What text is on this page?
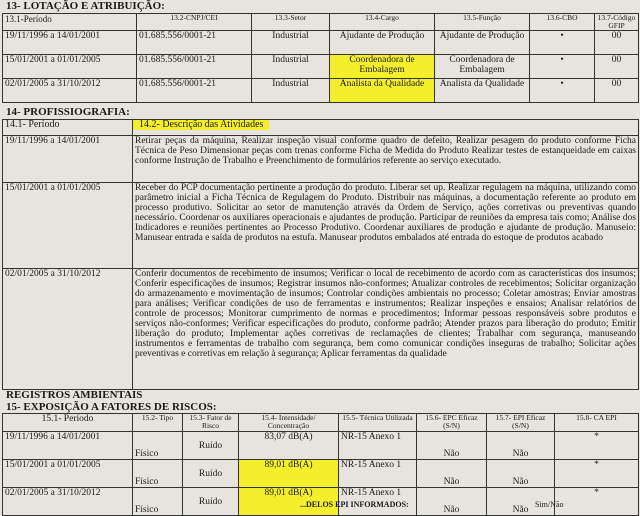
13- LOTAÇÃO E ATRIBUIÇÃO:
13.1-Período	13.2-CNPJ/CEI	13.3-Setor	13.4-Cargo	13.5-Função	13.6-CBO	13.7-Código GFIP
19/11/1996 a 14/01/2001	01.685.556/0001-21	Industrial	Ajudante de Produção	Ajudante de Produção	•	00
15/01/2001 a 01/01/2005	01.685.556/0001-21	Industrial	Coordenadora de Embalagem	Coordenadora de Embalagem	•	00
02/01/2005 a 31/10/2012	01.685.556/0001-21	Industrial	Analista da Qualidade	Analista da Qualidade	•	00
14- PROFISSIOGRAFIA:
14.1- Período	14.2- Descrição das Atividades
19/11/1996 a 14/01/2001	Retirar peças da máquina, Realizar inspeção visual conforme quadro de defeito, Realizar pesagem do produto conforme Ficha Técnica de Peso Dimensionar peças com trenas conforme Ficha de Medida do Produto Realizar testes de estanqueidade em caixas conforme Instrução de Trabalho e Preenchimento de formulários referente ao serviço executado.
15/01/2001 a 01/01/2005	Receber do PCP documentação pertinente a produção do produto. Liberar set up. Realizar regulagem na máquina, utilizando como parâmetro inicial a Ficha Técnica de Regulagem do Produto. Distribuir nas máquinas, a documentação referente ao produto em processo produtivo. Solicitar ao setor de manutenção através da Ordem de Serviço, ações corretivas ou preventivas quando necessário. Coordenar os auxiliares operacionais e ajudantes de produção. Participar de reuniões da empresa tais como; Análise dos Indicadores e reuniões pertinentes ao Processo Produtivo. Coordenar auxiliares de produção e ajudante de produção. Manuseio: Manusear entrada e saída de produtos na estufa. Manusear produtos embalados até entrada do estoque de produtos acabado
02/01/2005 a 31/10/2012	Conferir documentos de recebimento de insumos; Verificar o local de recebimento de acordo com as características dos insumos; Conferir especificações de insumos; Registrar insumos não-conformes; Atualizar controles de recebimentos; Solicitar organização do armazenamento e movimentação de insumos; Controlar condições ambientais no processo; Coletar amostras; Enviar amostras para análises; Verificar condições de uso de ferramentas e instrumentos; Realizar inspeções e ensaios; Analisar relatórios de controle de processos; Monitorar cumprimento de normas e procedimentos; Informar pessoas responsáveis sobre produtos e serviços não-conformes; Verificar especificações do produto, conforme padrão; Atender prazos para liberação do produto; Emitir liberação do produto; Implementar ações corretivas de reclamações de clientes; Trabalhar com segurança, manuseando instrumentos e ferramentas de trabalho com segurança, bem como comunicar condições inseguras de trabalho; Solicitar ações preventivas e corretivas em relação à segurança; Aplicar ferramentas da qualidade
REGISTROS AMBIENTAIS
15- EXPOSIÇÃO A FATORES DE RISCOS:
15.1- Período	15.2- Tipo	15.3- Fator de Risco	15.4- Intensidade/ Concentração	15.5- Técnica Utilizada	15.6- EPC Eficaz (S/N)	15.7- EPI Eficaz (S/N)	15.8- CA EPI
19/11/1996 a 14/01/2001	Físico	Ruído	83,07 dB(A)	NR-15 Anexo 1	Não	Não	*
15/01/2001 a 01/01/2005	Físico	Ruído	89,01 dB(A)	NR-15 Anexo 1	Não	Não	*
02/01/2005 a 31/10/2012	Físico	Ruído	89,01 dB(A)	NR-15 Anexo 1	Não	Não	*
...DELOS EPI INFORMADOS:	Sim/Não
